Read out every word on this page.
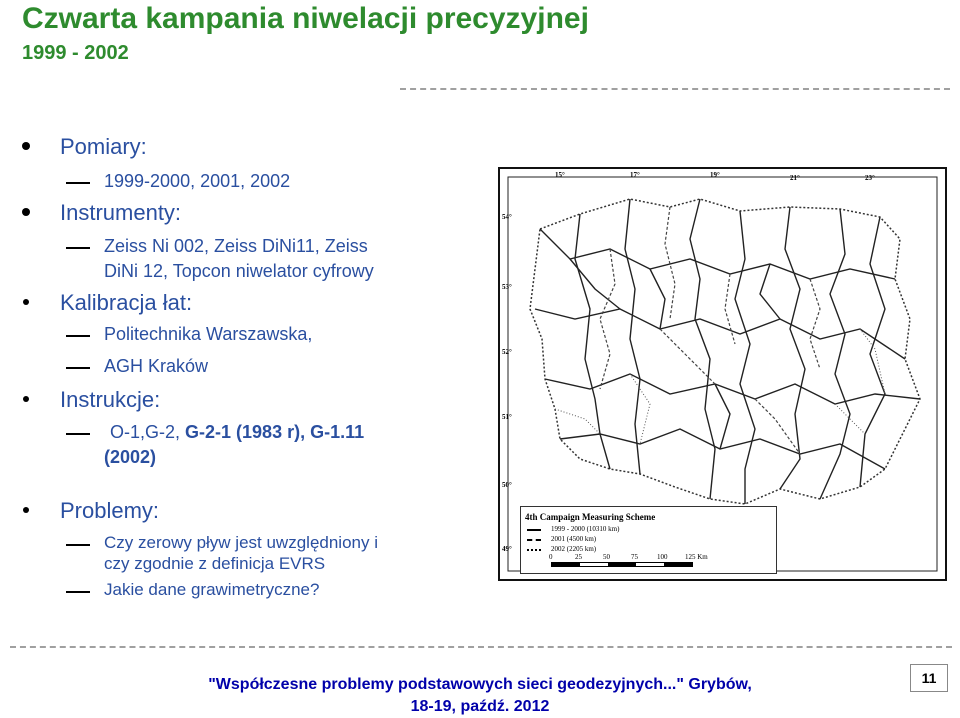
Czwarta kampania niwelacji precyzyjnej
1999 - 2002
Pomiary:
1999-2000, 2001, 2002
Instrumenty:
Zeiss Ni 002, Zeiss DiNi11, Zeiss
DiNi 12, Topcon niwelator cyfrowy
Kalibracja łat:
Politechnika Warszawska,
AGH Kraków
Instrukcje:
O-1,G-2, G-2-1 (1983 r), G-1.11
(2002)
Problemy:
Czy zerowy pływ jest uwzględniony i
czy zgodnie z definicja EVRS
Jakie dane grawimetryczne?
15°	17°	19°	21°	23°
54°
53°
52°
51°
50°
49°
4th Campaign Measuring Scheme
1999 - 2000 (10310 km)
2001 (4500 km)
2002 (2205 km)
0	25	50	75	100	125 Km
"Współczesne problemy podstawowych sieci geodezyjnych..." Grybów,
18-19, paźdź. 2012
11
